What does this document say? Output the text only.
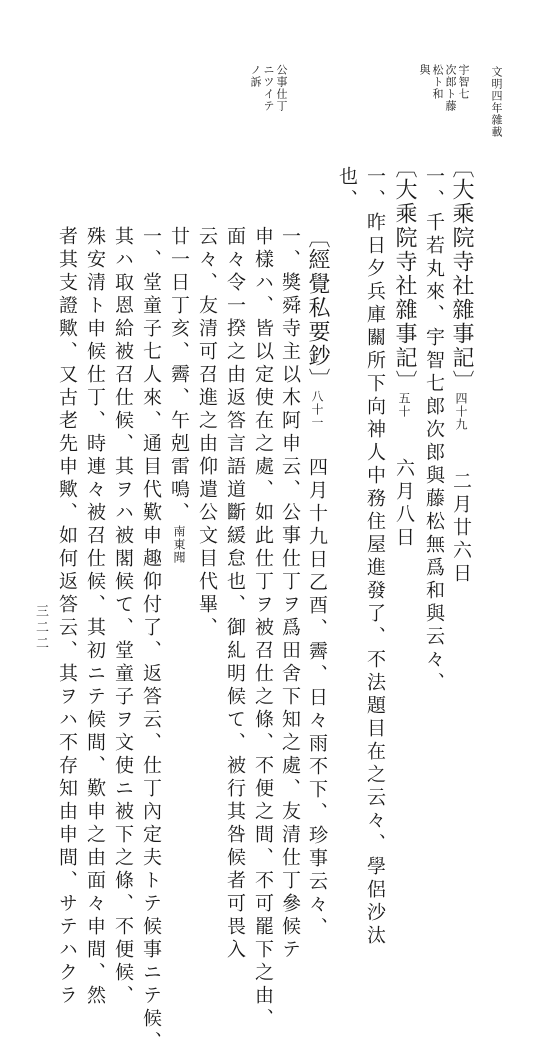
文明四年雜載
三二二
宇智七
次郎ト藤
松ト和
與
公事仕丁
ニツイテ
ノ訴
〔大乘院寺社雜事記〕四十九二月廿六日
一、千若丸來、宇智七郎次郎與藤松無爲和與云々、
〔大乘院寺社雜事記〕五十六月八日
一、昨日夕兵庫關所下向神人中務住屋進發了、不法題目在之云々、學侶沙汰
也、
〔經覺私要鈔〕八十一四月十九日乙酉、霽、日々雨不下、珍事云々、
一、獎舜寺主以木阿申云、公事仕丁ヲ爲田舍下知之處、友清仕丁參候テ
申樣ハ、皆以定使在之處、如此仕丁ヲ被召仕之條、不便之間、不可罷下之由、
面々令一揆之由返答言語道斷緩怠也、御糺明候て、被行其咎候者可畏入
云々、友清可召進之由仰遣公文目代畢、
廿一日丁亥、霽、午剋雷鳴、南東聞
一、堂童子七人來、通目代歎申趣仰付了、返答云、仕丁內定夫トテ候事ニテ候、
其ハ取恩給被召仕候、其ヲハ被閣候て、堂童子ヲ文使ニ被下之條、不便候、
殊安清ト申候仕丁、時連々被召仕候、其初ニテ候間、歎申之由面々申間、然
者其支證歟、又古老先申歟、如何返答云、其ヲハ不存知由申間、サテハクラ
